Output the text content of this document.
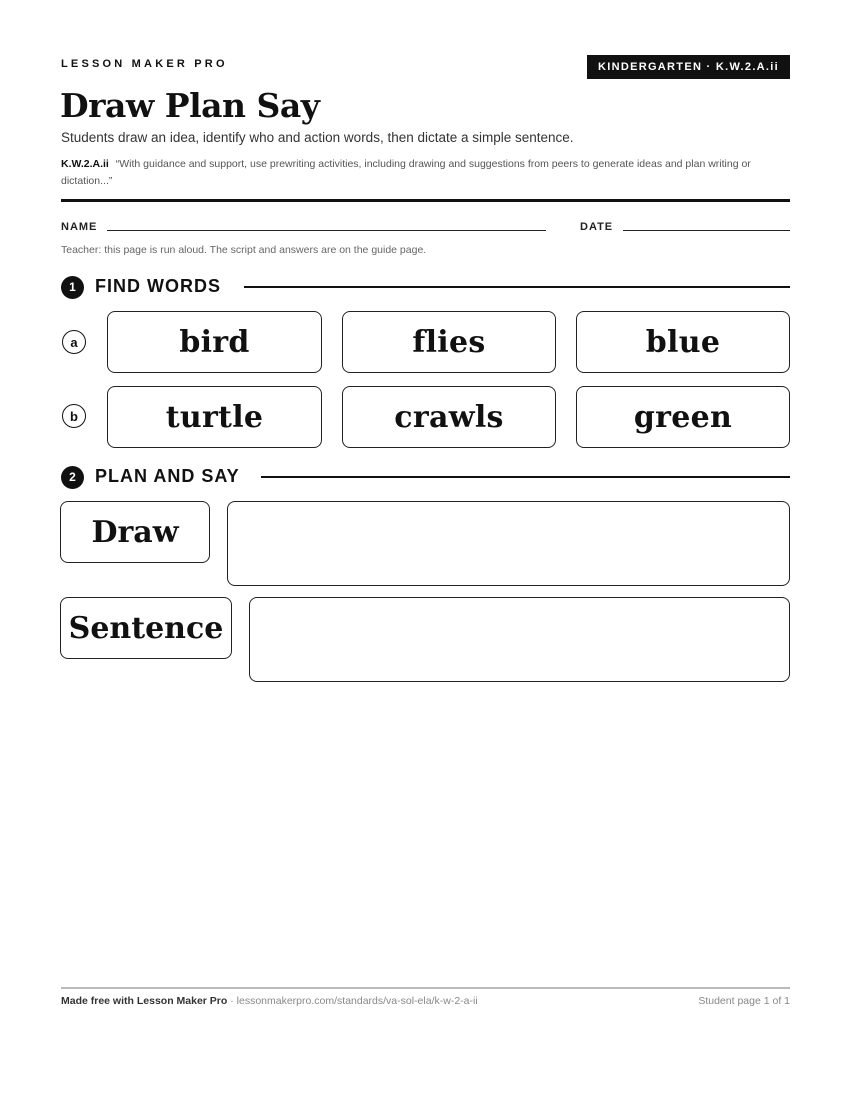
LESSON MAKER PRO	KINDERGARTEN · K.W.2.A.ii
Draw Plan Say
Students draw an idea, identify who and action words, then dictate a simple sentence.
K.W.2.A.ii “With guidance and support, use prewriting activities, including drawing and suggestions from peers to generate ideas and plan writing or dictation...”
NAME	DATE
Teacher: this page is run aloud. The script and answers are on the guide page.
1	FIND WORDS
a	bird	flies	blue
b	turtle	crawls	green
2	PLAN AND SAY
Draw
Sentence
Made free with Lesson Maker Pro · lessonmakerpro.com/standards/va-sol-ela/k-w-2-a-ii	Student page 1 of 1
